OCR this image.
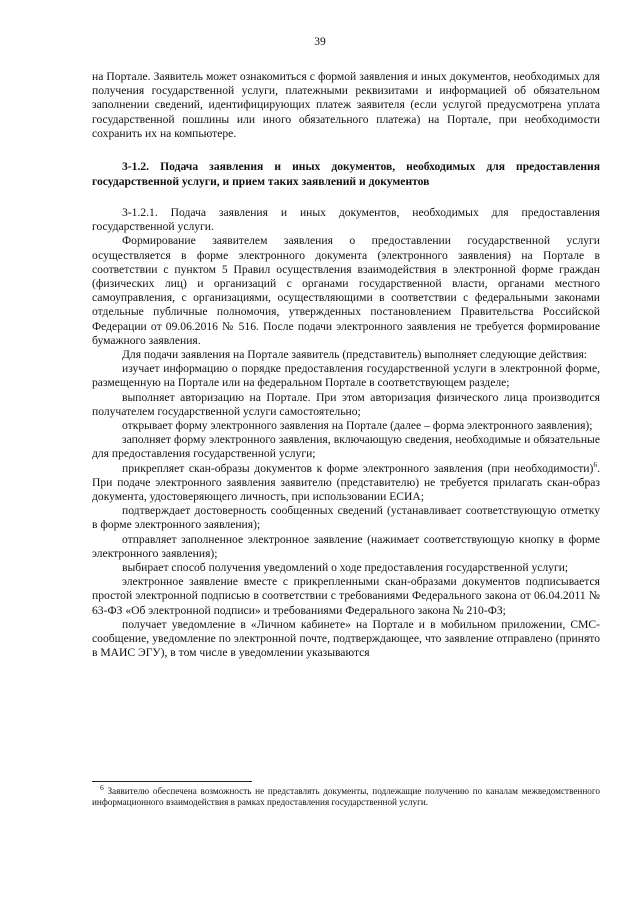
39

на Портале. Заявитель может ознакомиться с формой заявления и иных документов, необходимых для получения государственной услуги, платежными реквизитами и информацией об обязательном заполнении сведений, идентифицирующих платеж заявителя (если услугой предусмотрена уплата государственной пошлины или иного обязательного платежа) на Портале, при необходимости сохранить их на компьютере.

3-1.2. Подача заявления и иных документов, необходимых для предоставления государственной услуги, и прием таких заявлений и документов

3-1.2.1. Подача заявления и иных документов, необходимых для предоставления государственной услуги.

Формирование заявителем заявления о предоставлении государственной услуги осуществляется в форме электронного документа (электронного заявления) на Портале в соответствии с пунктом 5 Правил осуществления взаимодействия в электронной форме граждан (физических лиц) и организаций с органами государственной власти, органами местного самоуправления, с организациями, осуществляющими в соответствии с федеральными законами отдельные публичные полномочия, утвержденных постановлением Правительства Российской Федерации от 09.06.2016 № 516. После подачи электронного заявления не требуется формирование бумажного заявления.

Для подачи заявления на Портале заявитель (представитель) выполняет следующие действия:

изучает информацию о порядке предоставления государственной услуги в электронной форме, размещенную на Портале или на федеральном Портале в соответствующем разделе;

выполняет авторизацию на Портале. При этом авторизация физического лица производится получателем государственной услуги самостоятельно;

открывает форму электронного заявления на Портале (далее – форма электронного заявления);

заполняет форму электронного заявления, включающую сведения, необходимые и обязательные для предоставления государственной услуги;

прикрепляет скан-образы документов к форме электронного заявления (при необходимости)$^6$. При подаче электронного заявления заявителю (представителю) не требуется прилагать скан-образ документа, удостоверяющего личность, при использовании ЕСИА;

подтверждает достоверность сообщенных сведений (устанавливает соответствующую отметку в форме электронного заявления);

отправляет заполненное электронное заявление (нажимает соответствующую кнопку в форме электронного заявления);

выбирает способ получения уведомлений о ходе предоставления государственной услуги;

электронное заявление вместе с прикрепленными скан-образами документов подписывается простой электронной подписью в соответствии с требованиями Федерального закона от 06.04.2011 № 63-ФЗ «Об электронной подписи» и требованиями Федерального закона № 210-ФЗ;

получает уведомление в «Личном кабинете» на Портале и в мобильном приложении, СМС-сообщение, уведомление по электронной почте, подтверждающее, что заявление отправлено (принято в МАИС ЭГУ), в том числе в уведомлении указываются

$^6$ Заявителю обеспечена возможность не представлять документы, подлежащие получению по каналам межведомственного информационного взаимодействия в рамках предоставления государственной услуги.
